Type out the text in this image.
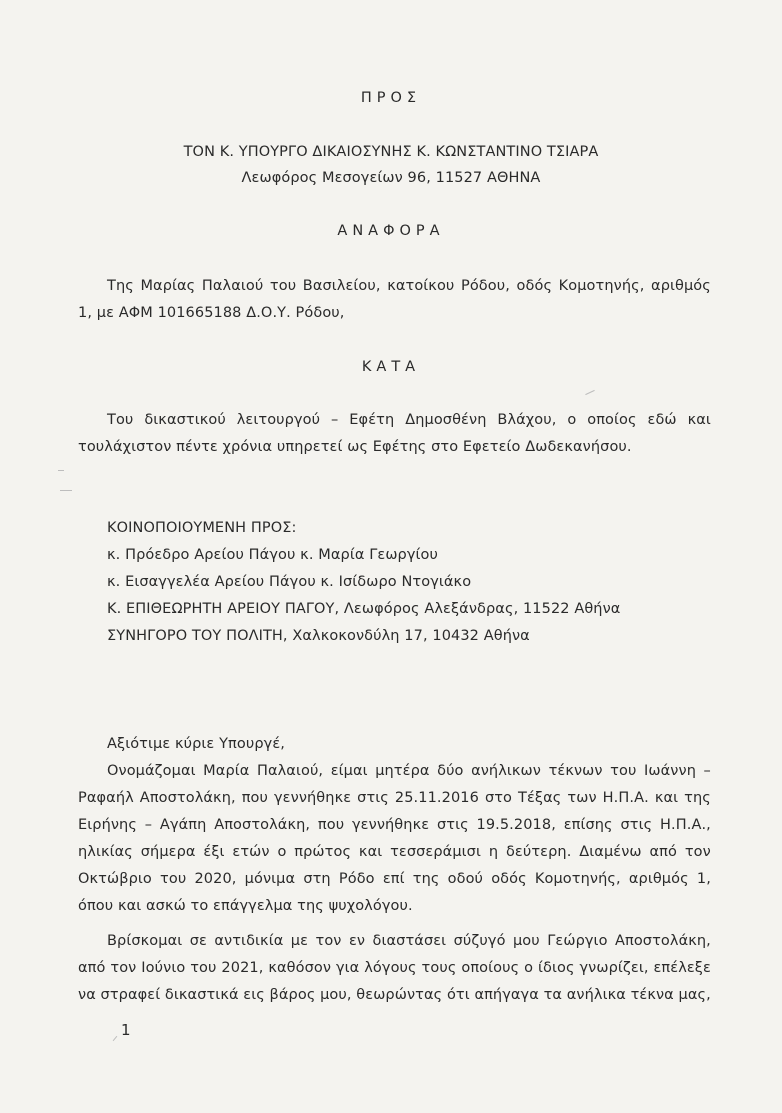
ΠΡΟΣ
ΤΟΝ Κ. ΥΠΟΥΡΓΟ ΔΙΚΑΙΟΣΥΝΗΣ Κ. ΚΩΝΣΤΑΝΤΙΝΟ ΤΣΙΑΡΑ
Λεωφόρος Μεσογείων 96, 11527 ΑΘΗΝΑ
ΑΝΑΦΟΡΑ
Της Μαρίας Παλαιού του Βασιλείου, κατοίκου Ρόδου, οδός Κομοτηνής, αριθμός
1, με ΑΦΜ 101665188 Δ.Ο.Υ. Ρόδου,
ΚΑΤΑ
Του δικαστικού λειτουργού – Εφέτη Δημοσθένη Βλάχου, ο οποίος εδώ και
τουλάχιστον πέντε χρόνια υπηρετεί ως Εφέτης στο Εφετείο Δωδεκανήσου.
ΚΟΙΝΟΠΟΙΟΥΜΕΝΗ ΠΡΟΣ:
κ. Πρόεδρο Αρείου Πάγου κ. Μαρία Γεωργίου
κ. Εισαγγελέα Αρείου Πάγου κ. Ισίδωρο Ντογιάκο
Κ. ΕΠΙΘΕΩΡΗΤΗ ΑΡΕΙΟΥ ΠΑΓΟΥ, Λεωφόρος Αλεξάνδρας, 11522 Αθήνα
ΣΥΝΗΓΟΡΟ ΤΟΥ ΠΟΛΙΤΗ, Χαλκοκονδύλη 17, 10432 Αθήνα
Αξιότιμε κύριε Υπουργέ,
Ονομάζομαι Μαρία Παλαιού, είμαι μητέρα δύο ανήλικων τέκνων του Ιωάννη –
Ραφαήλ Αποστολάκη, που γεννήθηκε στις 25.11.2016 στο Τέξας των Η.Π.Α. και της
Ειρήνης – Αγάπη Αποστολάκη, που γεννήθηκε στις 19.5.2018, επίσης στις Η.Π.Α.,
ηλικίας σήμερα έξι ετών ο πρώτος και τεσσεράμισι η δεύτερη. Διαμένω από τον
Οκτώβριο του 2020, μόνιμα στη Ρόδο επί της οδού οδός Κομοτηνής, αριθμός 1,
όπου και ασκώ το επάγγελμα της ψυχολόγου.
Βρίσκομαι σε αντιδικία με τον εν διαστάσει σύζυγό μου Γεώργιο Αποστολάκη,
από τον Ιούνιο του 2021, καθόσον για λόγους τους οποίους ο ίδιος γνωρίζει, επέλεξε
να στραφεί δικαστικά εις βάρος μου, θεωρώντας ότι απήγαγα τα ανήλικα τέκνα μας,
1
